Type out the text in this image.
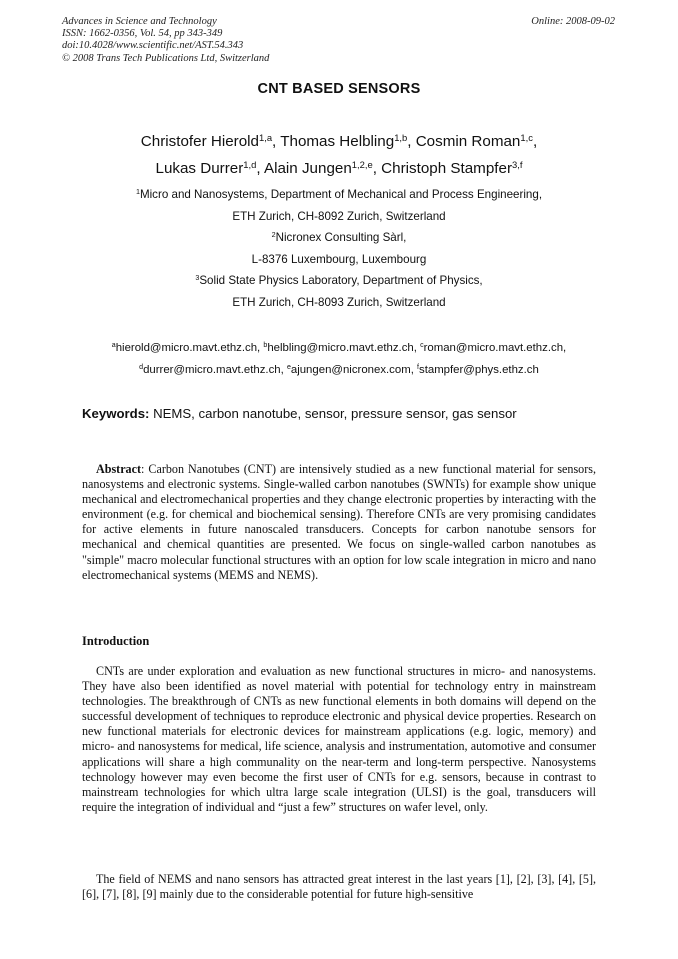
Advances in Science and Technology
ISSN: 1662-0356, Vol. 54, pp 343-349
doi:10.4028/www.scientific.net/AST.54.343
© 2008 Trans Tech Publications Ltd, Switzerland
Online: 2008-09-02
CNT BASED SENSORS
Christofer Hierold$^{1,a}$, Thomas Helbling$^{1,b}$, Cosmin Roman$^{1,c}$,
Lukas Durrer$^{1,d}$, Alain Jungen$^{1,2,e}$, Christoph Stampfer$^{3,f}$
$^1$Micro and Nanosystems, Department of Mechanical and Process Engineering,
ETH Zurich, CH-8092 Zurich, Switzerland
$^2$Nicronex Consulting Sàrl,
L-8376 Luxembourg, Luxembourg
$^3$Solid State Physics Laboratory, Department of Physics,
ETH Zurich, CH-8093 Zurich, Switzerland
$^a$hierold@micro.mavt.ethz.ch, $^b$helbling@micro.mavt.ethz.ch, $^c$roman@micro.mavt.ethz.ch,
$^d$durrer@micro.mavt.ethz.ch, $^e$ajungen@nicronex.com, $^f$stampfer@phys.ethz.ch
Keywords: NEMS, carbon nanotube, sensor, pressure sensor, gas sensor

Abstract: Carbon Nanotubes (CNT) are intensively studied as a new functional material for sensors, nanosystems and electronic systems. Single-walled carbon nanotubes (SWNTs) for example show unique mechanical and electromechanical properties and they change electronic properties by interacting with the environment (e.g. for chemical and biochemical sensing). Therefore CNTs are very promising candidates for active elements in future nanoscaled transducers. Concepts for carbon nanotube sensors for mechanical and chemical quantities are presented. We focus on single-walled carbon nanotubes as "simple" macro molecular functional structures with an option for low scale integration in micro and nano electromechanical systems (MEMS and NEMS).

Introduction

CNTs are under exploration and evaluation as new functional structures in micro- and nanosystems. They have also been identified as novel material with potential for technology entry in mainstream technologies. The breakthrough of CNTs as new functional elements in both domains will depend on the successful development of techniques to reproduce electronic and physical device properties. Research on new functional materials for electronic devices for mainstream applications (e.g. logic, memory) and micro- and nanosystems for medical, life science, analysis and instrumentation, automotive and consumer applications will share a high communality on the near-term and long-term perspective. Nanosystems technology however may even become the first user of CNTs for e.g. sensors, because in contrast to mainstream technologies for which ultra large scale integration (ULSI) is the goal, transducers will require the integration of individual and “just a few” structures on wafer level, only.

The field of NEMS and nano sensors has attracted great interest in the last years [1], [2], [3], [4], [5], [6], [7], [8], [9] mainly due to the considerable potential for future high-sensitive
